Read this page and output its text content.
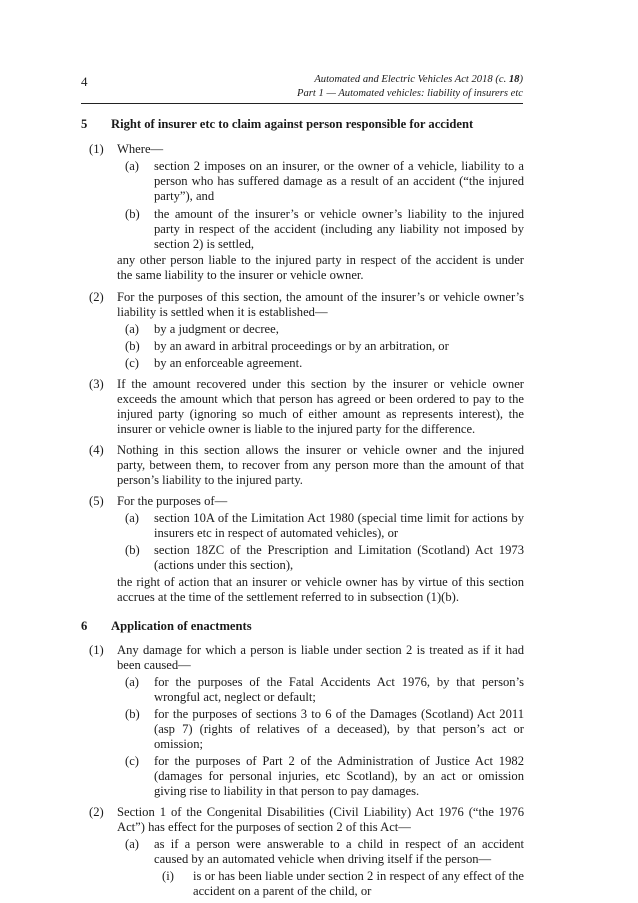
4	Automated and Electric Vehicles Act 2018 (c. 18)
Part 1 — Automated vehicles: liability of insurers etc
5 Right of insurer etc to claim against person responsible for accident
(1) Where—
(a) section 2 imposes on an insurer, or the owner of a vehicle, liability to a
person who has suffered damage as a result of an accident (“the injured
party”), and
(b) the amount of the insurer’s or vehicle owner’s liability to the injured
party in respect of the accident (including any liability not imposed by
section 2) is settled,
any other person liable to the injured party in respect of the accident is under
the same liability to the insurer or vehicle owner.
(2) For the purposes of this section, the amount of the insurer’s or vehicle owner’s
liability is settled when it is established—
(a) by a judgment or decree,
(b) by an award in arbitral proceedings or by an arbitration, or
(c) by an enforceable agreement.
(3) If the amount recovered under this section by the insurer or vehicle owner
exceeds the amount which that person has agreed or been ordered to pay to the
injured party (ignoring so much of either amount as represents interest), the
insurer or vehicle owner is liable to the injured party for the difference.
(4) Nothing in this section allows the insurer or vehicle owner and the injured
party, between them, to recover from any person more than the amount of that
person’s liability to the injured party.
(5) For the purposes of—
(a) section 10A of the Limitation Act 1980 (special time limit for actions by
insurers etc in respect of automated vehicles), or
(b) section 18ZC of the Prescription and Limitation (Scotland) Act 1973
(actions under this section),
the right of action that an insurer or vehicle owner has by virtue of this section
accrues at the time of the settlement referred to in subsection (1)(b).
6 Application of enactments
(1) Any damage for which a person is liable under section 2 is treated as if it had
been caused—
(a) for the purposes of the Fatal Accidents Act 1976, by that person’s
wrongful act, neglect or default;
(b) for the purposes of sections 3 to 6 of the Damages (Scotland) Act 2011
(asp 7) (rights of relatives of a deceased), by that person’s act or
omission;
(c) for the purposes of Part 2 of the Administration of Justice Act 1982
(damages for personal injuries, etc Scotland), by an act or omission
giving rise to liability in that person to pay damages.
(2) Section 1 of the Congenital Disabilities (Civil Liability) Act 1976 (“the 1976
Act”) has effect for the purposes of section 2 of this Act—
(a) as if a person were answerable to a child in respect of an accident
caused by an automated vehicle when driving itself if the person—
(i) is or has been liable under section 2 in respect of any effect of the
accident on a parent of the child, or
